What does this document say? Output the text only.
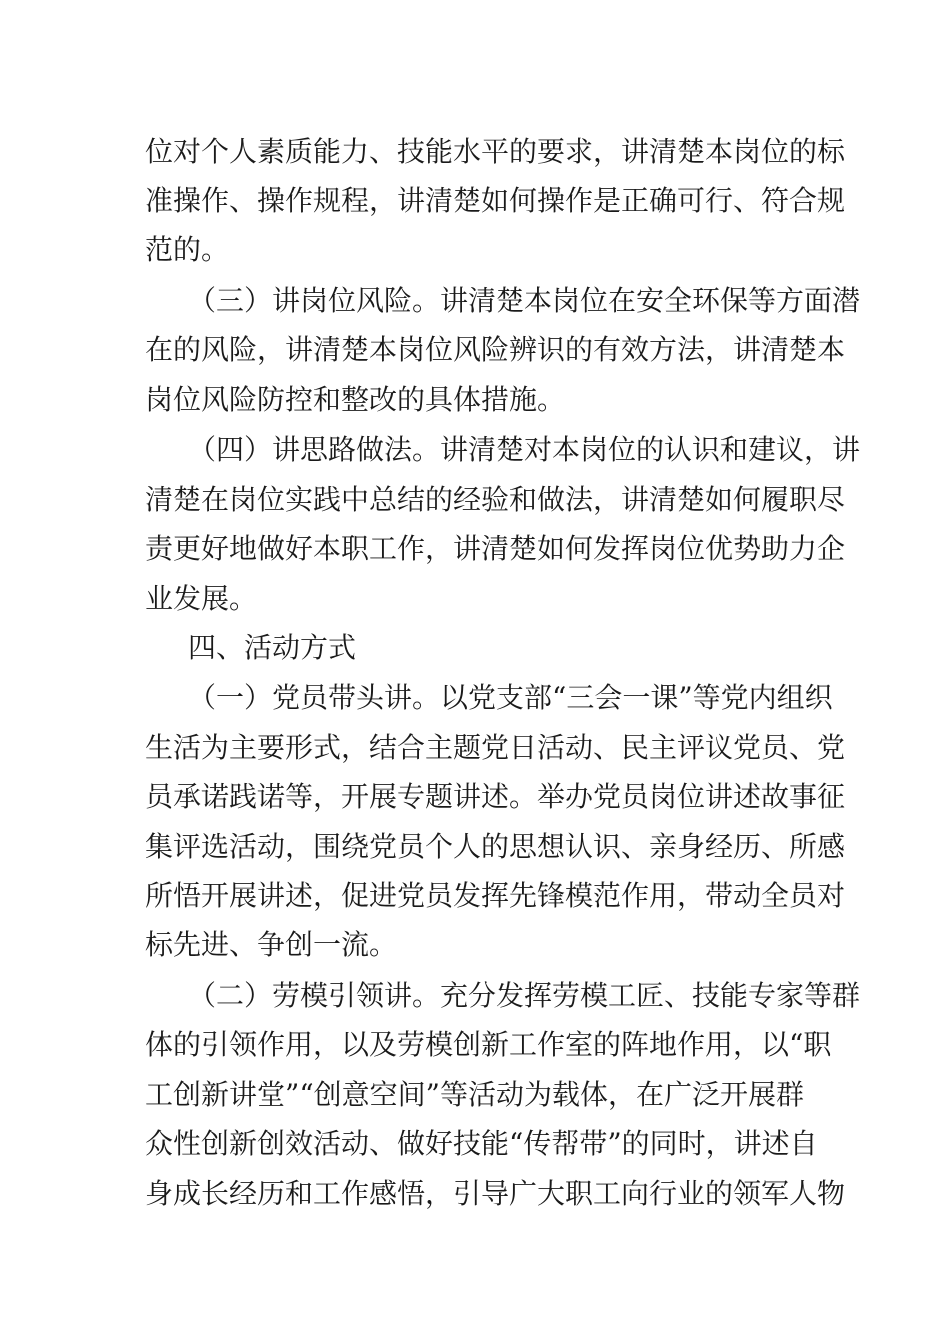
位对个人素质能力、技能水平的要求，讲清楚本岗位的标
准操作、操作规程，讲清楚如何操作是正确可行、符合规
范的。
（三）讲岗位风险。讲清楚本岗位在安全环保等方面潜
在的风险，讲清楚本岗位风险辨识的有效方法，讲清楚本
岗位风险防控和整改的具体措施。
（四）讲思路做法。讲清楚对本岗位的认识和建议，讲
清楚在岗位实践中总结的经验和做法，讲清楚如何履职尽
责更好地做好本职工作，讲清楚如何发挥岗位优势助力企
业发展。
四、活动方式
（一）党员带头讲。以党支部“三会一课”等党内组织
生活为主要形式，结合主题党日活动、民主评议党员、党
员承诺践诺等，开展专题讲述。举办党员岗位讲述故事征
集评选活动，围绕党员个人的思想认识、亲身经历、所感
所悟开展讲述，促进党员发挥先锋模范作用，带动全员对
标先进、争创一流。
（二）劳模引领讲。充分发挥劳模工匠、技能专家等群
体的引领作用，以及劳模创新工作室的阵地作用，以“职
工创新讲堂”“创意空间”等活动为载体，在广泛开展群
众性创新创效活动、做好技能“传帮带”的同时，讲述自
身成长经历和工作感悟，引导广大职工向行业的领军人物
